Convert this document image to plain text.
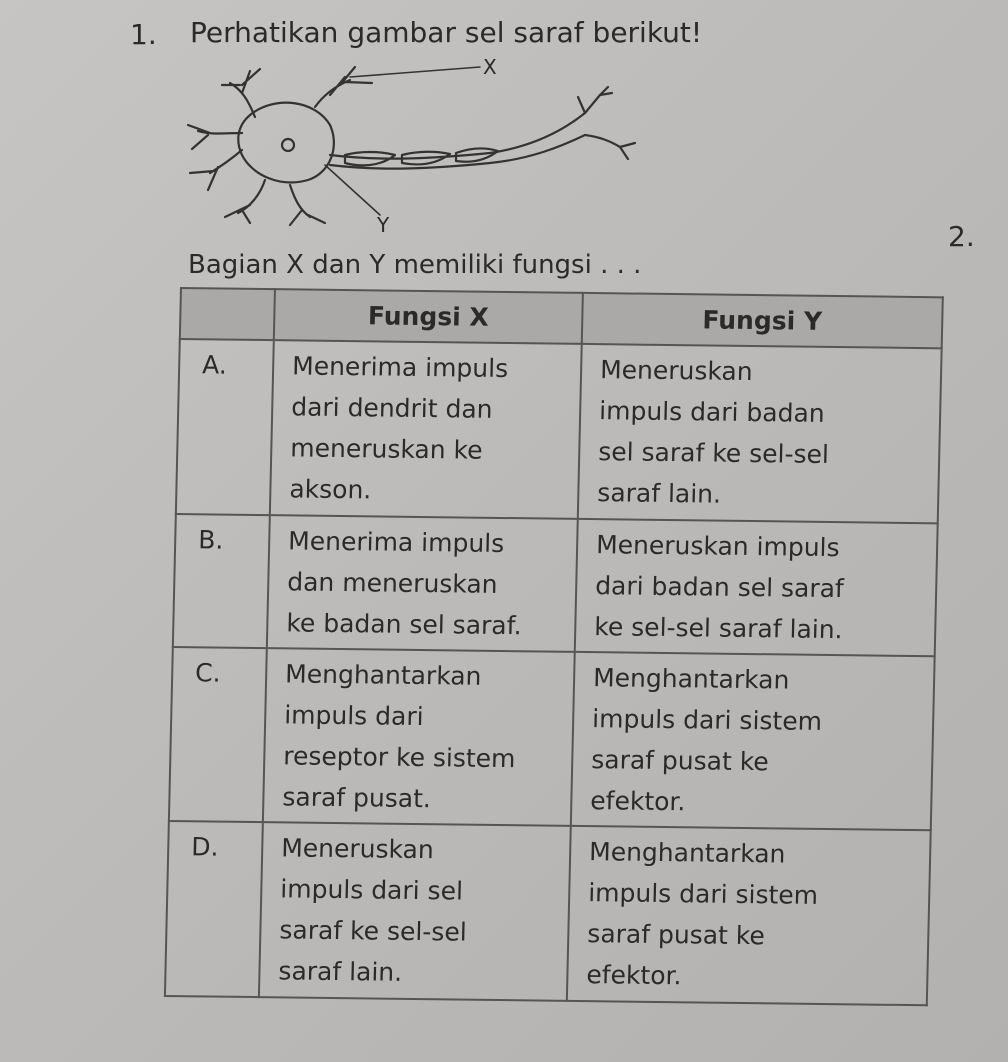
1. Perhatikan gambar sel saraf berikut!
X
Y	2.
Bagian X dan Y memiliki fungsi . . .
	Fungsi X	Fungsi Y
A.	Menerima impuls
dari dendrit dan
meneruskan ke
akson.	Meneruskan
impuls dari badan
sel saraf ke sel-sel
saraf lain.

B.	Menerima impuls
dan meneruskan
ke badan sel saraf.	Meneruskan impuls
dari badan sel saraf
ke sel-sel saraf lain.

C.	Menghantarkan
impuls dari
reseptor ke sistem
saraf pusat.	Menghantarkan
impuls dari sistem
saraf pusat ke
efektor.

D.	Meneruskan
impuls dari sel
saraf ke sel-sel
saraf lain.	Menghantarkan
impuls dari sistem
saraf pusat ke
efektor.
